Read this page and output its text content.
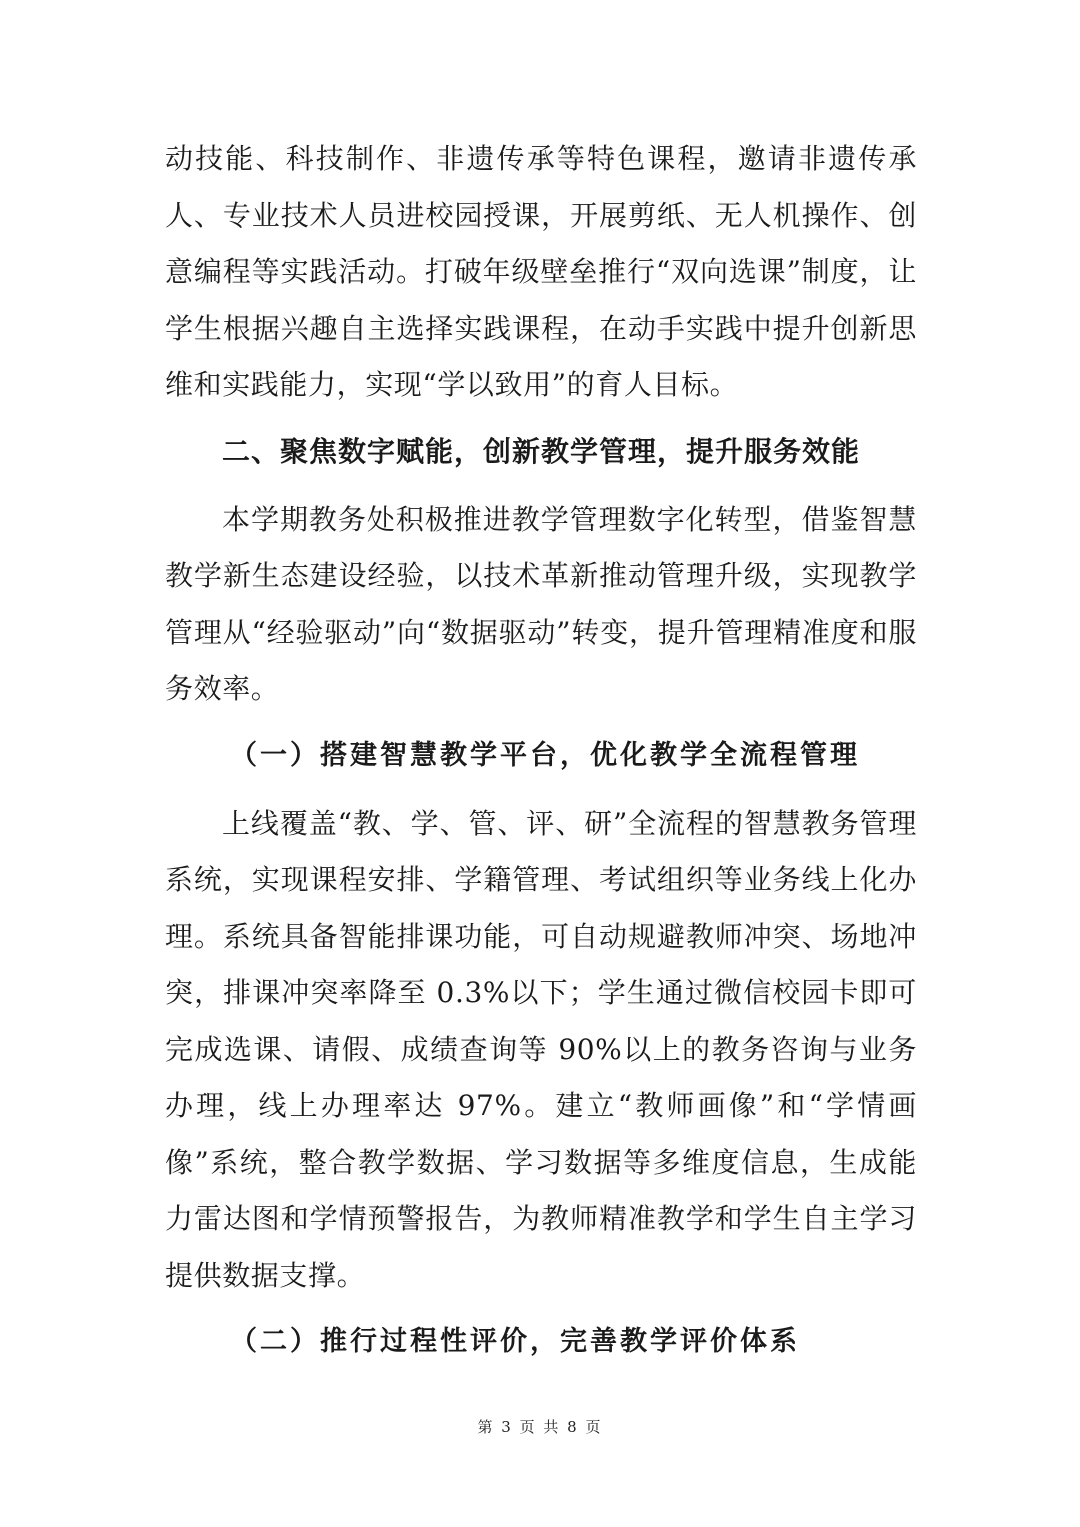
动技能、科技制作、非遗传承等特色课程，邀请非遗传承人、专业技术人员进校园授课，开展剪纸、无人机操作、创意编程等实践活动。打破年级壁垒推行“双向选课”制度，让学生根据兴趣自主选择实践课程，在动手实践中提升创新思维和实践能力，实现“学以致用”的育人目标。

二、聚焦数字赋能，创新教学管理，提升服务效能

本学期教务处积极推进教学管理数字化转型，借鉴智慧教学新生态建设经验，以技术革新推动管理升级，实现教学管理从“经验驱动”向“数据驱动”转变，提升管理精准度和服务效率。

（一）搭建智慧教学平台，优化教学全流程管理

上线覆盖“教、学、管、评、研”全流程的智慧教务管理系统，实现课程安排、学籍管理、考试组织等业务线上化办理。系统具备智能排课功能，可自动规避教师冲突、场地冲突，排课冲突率降至 0.3%以下；学生通过微信校园卡即可完成选课、请假、成绩查询等 90%以上的教务咨询与业务办理，线上办理率达 97%。建立“教师画像”和“学情画像”系统，整合教学数据、学习数据等多维度信息，生成能力雷达图和学情预警报告，为教师精准教学和学生自主学习提供数据支撑。

（二）推行过程性评价，完善教学评价体系

第 3 页 共 8 页
